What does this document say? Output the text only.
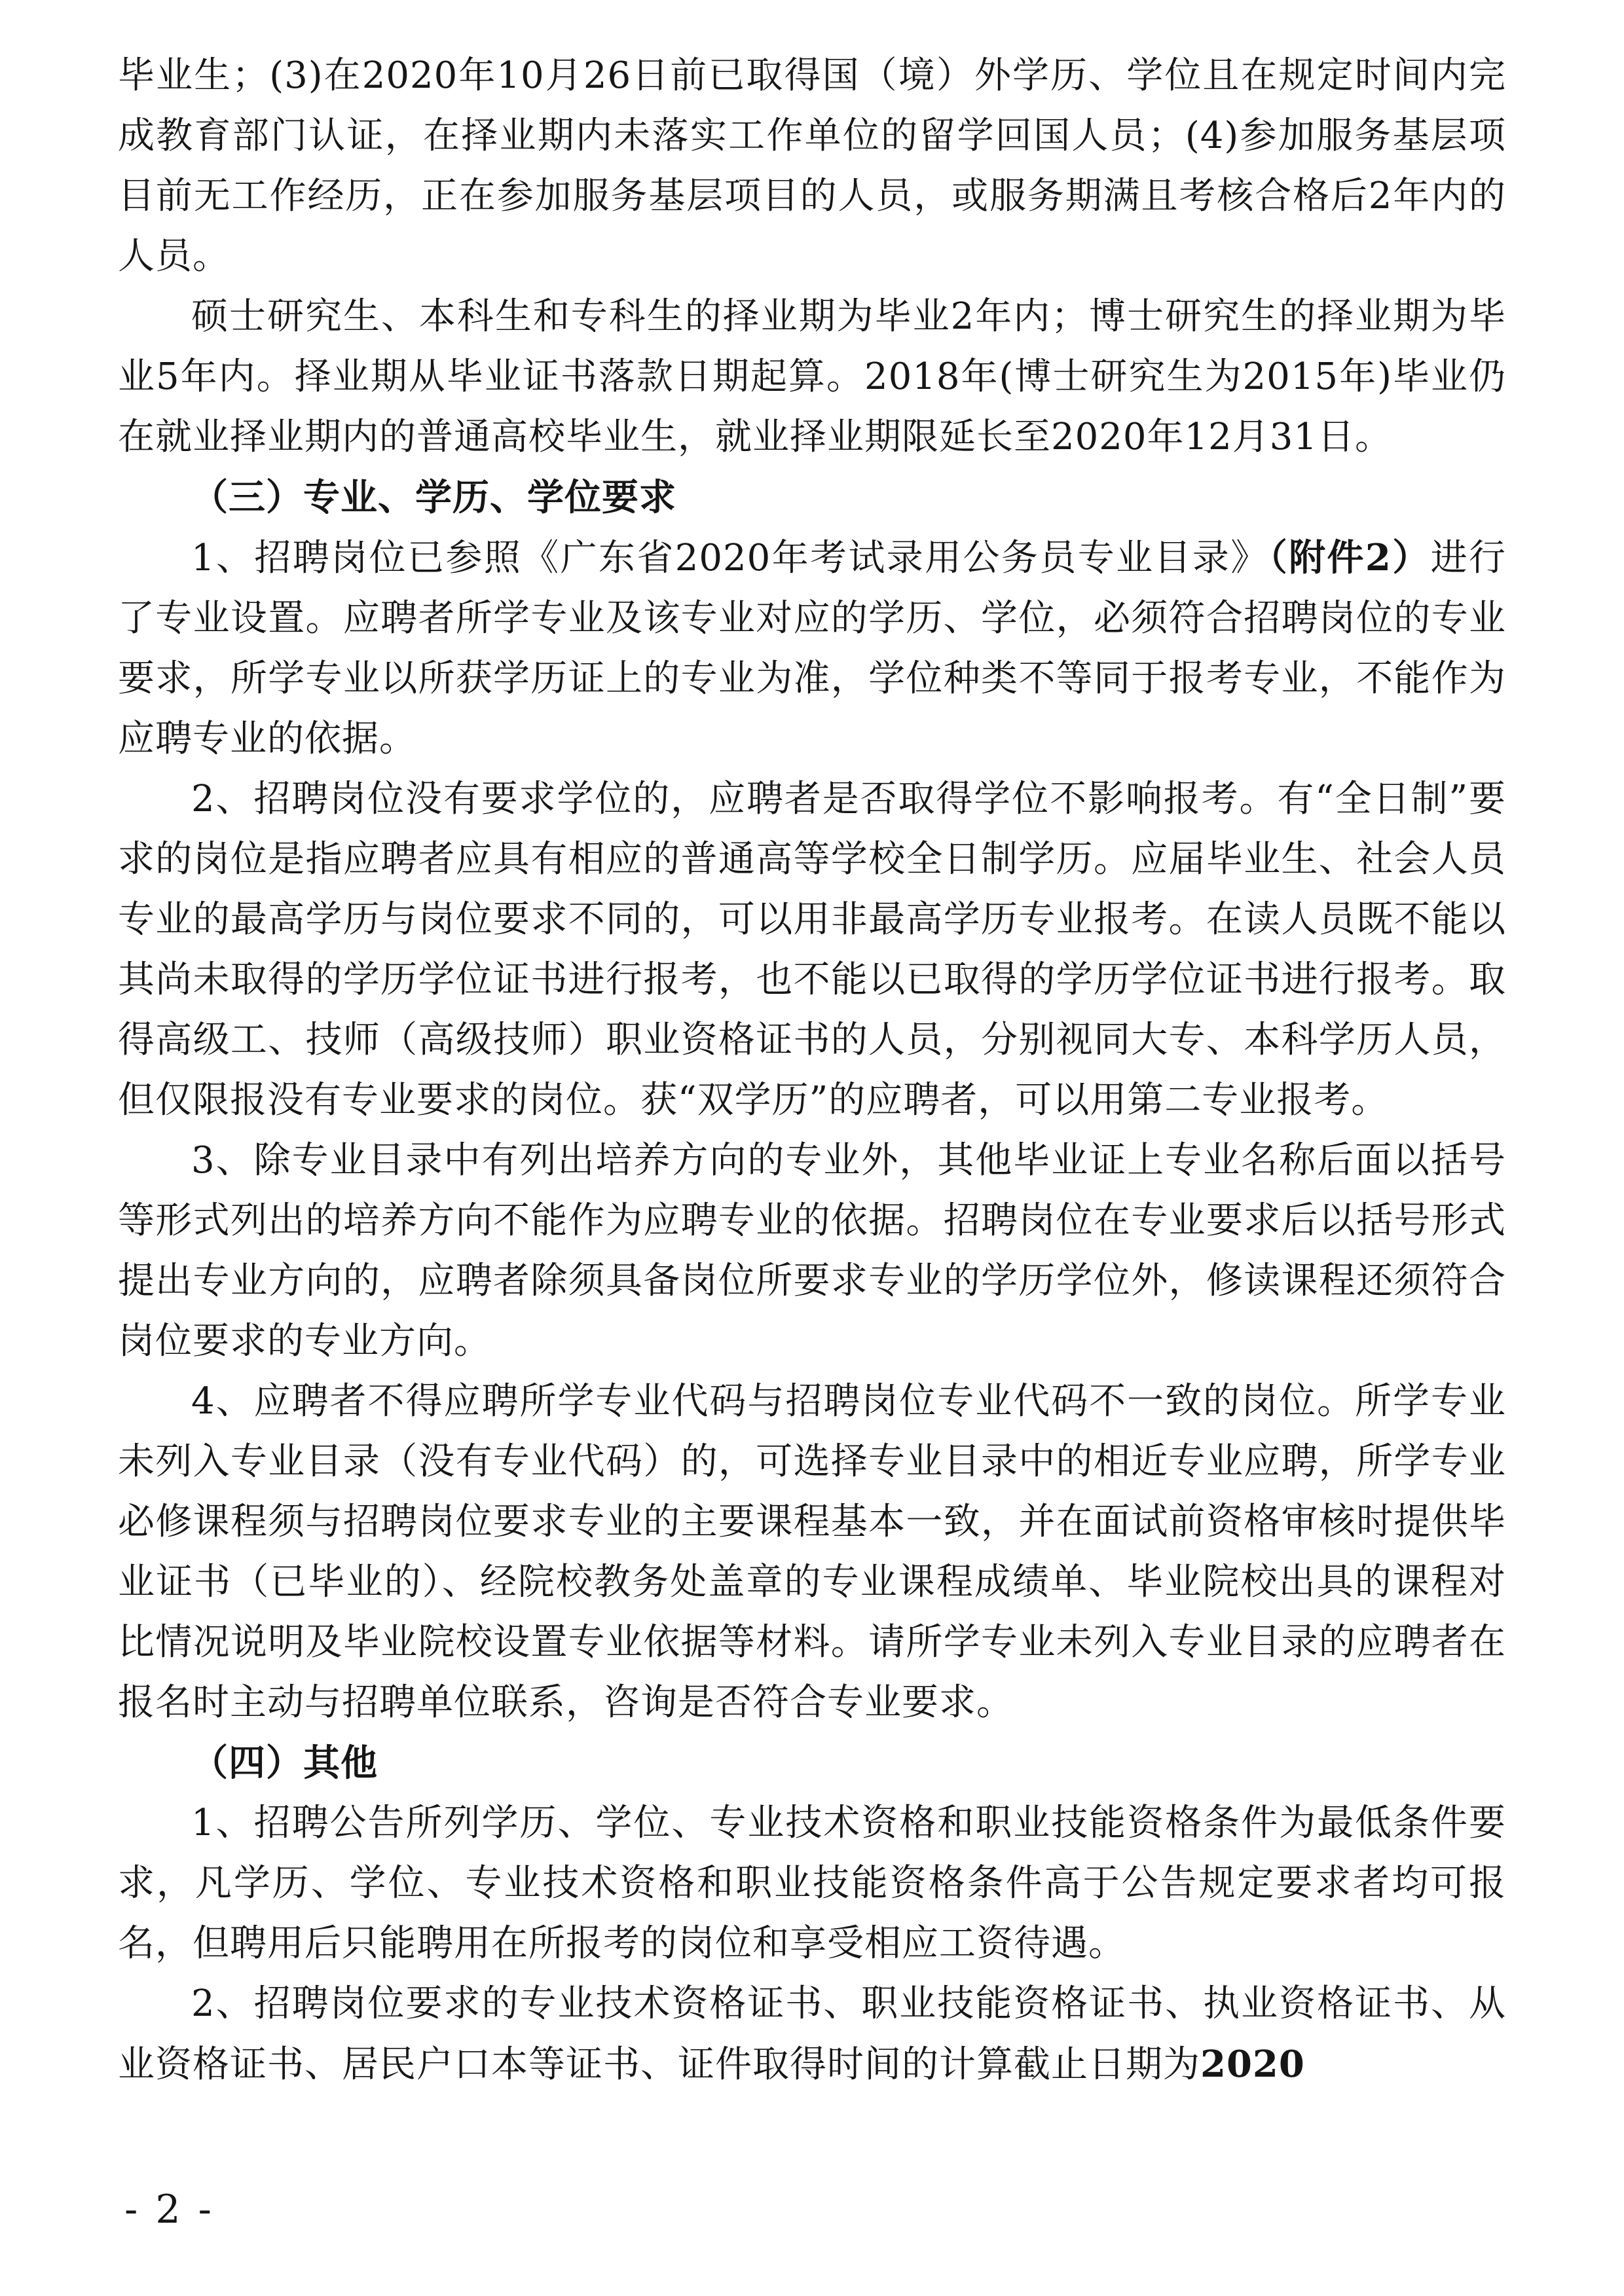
毕业生；(3)在2020年10月26日前已取得国（境）外学历、学位且在规定时间内完成教育部门认证，在择业期内未落实工作单位的留学回国人员；(4)参加服务基层项目前无工作经历，正在参加服务基层项目的人员，或服务期满且考核合格后2年内的人员。

硕士研究生、本科生和专科生的择业期为毕业2年内；博士研究生的择业期为毕业5年内。择业期从毕业证书落款日期起算。2018年(博士研究生为2015年)毕业仍在就业择业期内的普通高校毕业生，就业择业期限延长至2020年12月31日。

（三）专业、学历、学位要求

1、招聘岗位已参照《广东省2020年考试录用公务员专业目录》（附件2）进行了专业设置。应聘者所学专业及该专业对应的学历、学位，必须符合招聘岗位的专业要求，所学专业以所获学历证上的专业为准，学位种类不等同于报考专业，不能作为应聘专业的依据。

2、招聘岗位没有要求学位的，应聘者是否取得学位不影响报考。有“全日制”要求的岗位是指应聘者应具有相应的普通高等学校全日制学历。应届毕业生、社会人员专业的最高学历与岗位要求不同的，可以用非最高学历专业报考。在读人员既不能以其尚未取得的学历学位证书进行报考，也不能以已取得的学历学位证书进行报考。取得高级工、技师（高级技师）职业资格证书的人员，分别视同大专、本科学历人员，但仅限报没有专业要求的岗位。获“双学历”的应聘者，可以用第二专业报考。

3、除专业目录中有列出培养方向的专业外，其他毕业证上专业名称后面以括号等形式列出的培养方向不能作为应聘专业的依据。招聘岗位在专业要求后以括号形式提出专业方向的，应聘者除须具备岗位所要求专业的学历学位外，修读课程还须符合岗位要求的专业方向。

4、应聘者不得应聘所学专业代码与招聘岗位专业代码不一致的岗位。所学专业未列入专业目录（没有专业代码）的，可选择专业目录中的相近专业应聘，所学专业必修课程须与招聘岗位要求专业的主要课程基本一致，并在面试前资格审核时提供毕业证书（已毕业的）、经院校教务处盖章的专业课程成绩单、毕业院校出具的课程对比情况说明及毕业院校设置专业依据等材料。请所学专业未列入专业目录的应聘者在报名时主动与招聘单位联系，咨询是否符合专业要求。

（四）其他

1、招聘公告所列学历、学位、专业技术资格和职业技能资格条件为最低条件要求，凡学历、学位、专业技术资格和职业技能资格条件高于公告规定要求者均可报名，但聘用后只能聘用在所报考的岗位和享受相应工资待遇。

2、招聘岗位要求的专业技术资格证书、职业技能资格证书、执业资格证书、从业资格证书、居民户口本等证书、证件取得时间的计算截止日期为2020

- 2 -
